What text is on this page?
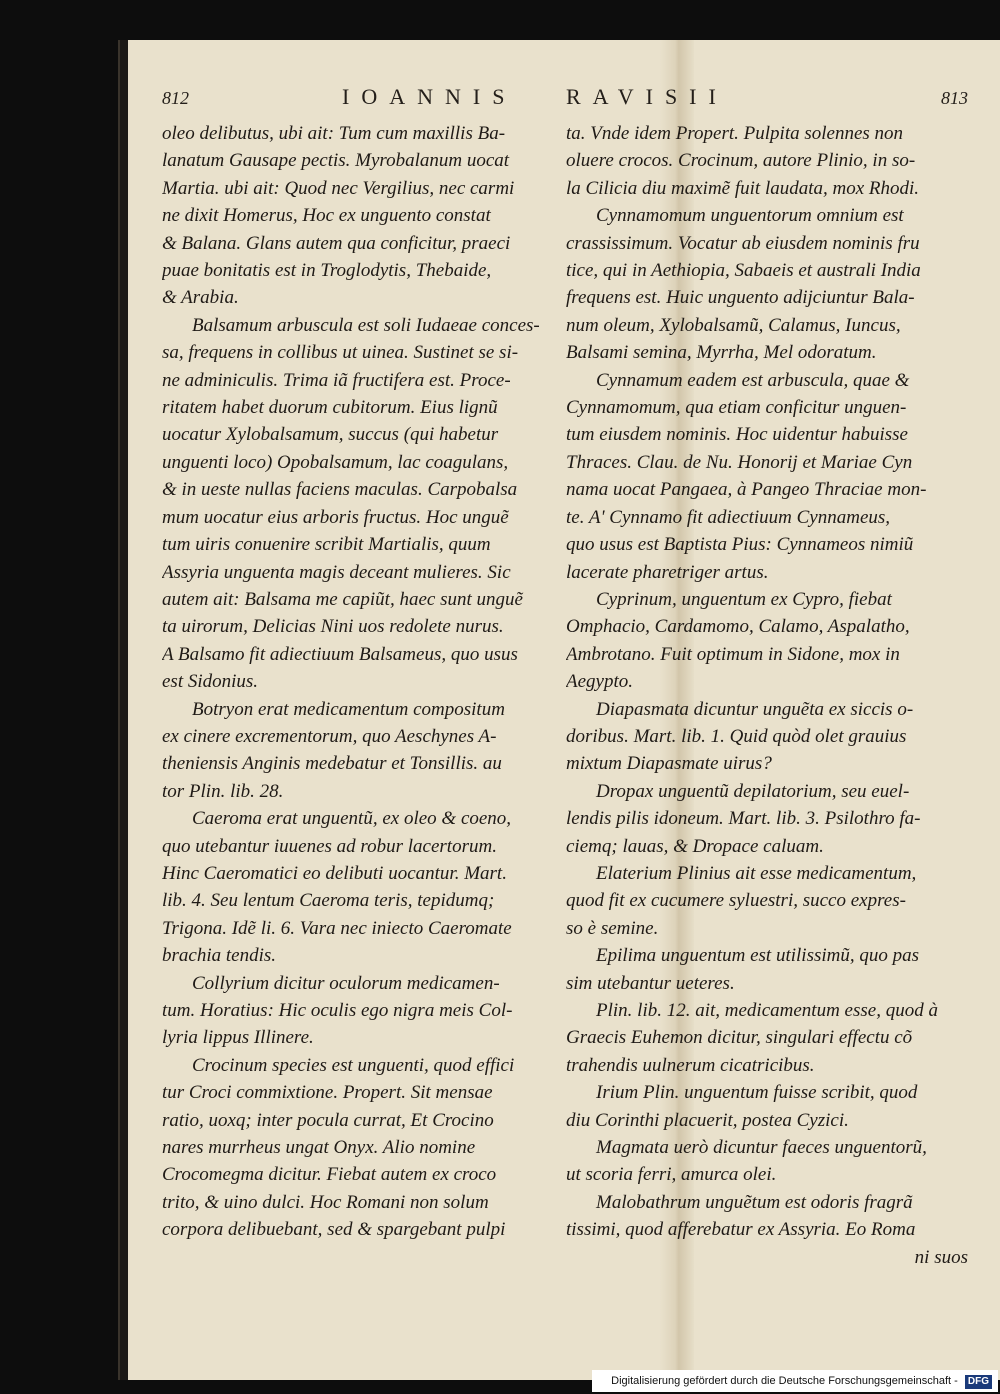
812	IOANNIS
oleo delibutus, ubi ait: Tum cum maxillis Ba-
lanatum Gausape pectis. Myrobalanum uocat
Martia. ubi ait: Quod nec Vergilius, nec carmi
ne dixit Homerus, Hoc ex unguento constat
& Balana. Glans autem qua conficitur, praeci
puae bonitatis est in Troglodytis, Thebaide,
& Arabia.
Balsamum arbuscula est soli Iudaeae conces-
sa, frequens in collibus ut uinea. Sustinet se si-
ne adminiculis. Trima iã fructifera est. Proce-
ritatem habet duorum cubitorum. Eius lignũ
uocatur Xylobalsamum, succus (qui habetur
unguenti loco) Opobalsamum, lac coagulans,
& in ueste nullas faciens maculas. Carpobalsa
mum uocatur eius arboris fructus. Hoc unguẽ
tum uiris conuenire scribit Martialis, quum
Assyria unguenta magis deceant mulieres. Sic
autem ait: Balsama me capiũt, haec sunt unguẽ
ta uirorum, Delicias Nini uos redolete nurus.
A Balsamo fit adiectiuum Balsameus, quo usus
est Sidonius.
Botryon erat medicamentum compositum
ex cinere excrementorum, quo Aeschynes A-
theniensis Anginis medebatur et Tonsillis. au
tor Plin. lib. 28.
Caeroma erat unguentũ, ex oleo & coeno,
quo utebantur iuuenes ad robur lacertorum.
Hinc Caeromatici eo delibuti uocantur. Mart.
lib. 4. Seu lentum Caeroma teris, tepidumq;
Trigona. Idẽ li. 6. Vara nec iniecto Caeromate
brachia tendis.
Collyrium dicitur oculorum medicamen-
tum. Horatius: Hic oculis ego nigra meis Col-
lyria lippus Illinere.
Crocinum species est unguenti, quod effici
tur Croci commixtione. Propert. Sit mensae
ratio, uoxq; inter pocula currat, Et Crocino
nares murrheus ungat Onyx. Alio nomine
Crocomegma dicitur. Fiebat autem ex croco
trito, & uino dulci. Hoc Romani non solum
corpora delibuebant, sed & spargebant pulpi
RAVISII	813
ta. Vnde idem Propert. Pulpita solennes non
oluere crocos. Crocinum, autore Plinio, in so-
la Cilicia diu maximẽ fuit laudata, mox Rhodi.
Cynnamomum unguentorum omnium est
crassissimum. Vocatur ab eiusdem nominis fru
tice, qui in Aethiopia, Sabaeis et australi India
frequens est. Huic unguento adijciuntur Bala-
num oleum, Xylobalsamũ, Calamus, Iuncus,
Balsami semina, Myrrha, Mel odoratum.
Cynnamum eadem est arbuscula, quae &
Cynnamomum, qua etiam conficitur unguen-
tum eiusdem nominis. Hoc uidentur habuisse
Thraces. Clau. de Nu. Honorij et Mariae Cyn
nama uocat Pangaea, à Pangeo Thraciae mon-
te. A' Cynnamo fit adiectiuum Cynnameus,
quo usus est Baptista Pius: Cynnameos nimiũ
lacerate pharetriger artus.
Cyprinum, unguentum ex Cypro, fiebat
Omphacio, Cardamomo, Calamo, Aspalatho,
Ambrotano. Fuit optimum in Sidone, mox in
Aegypto.
Diapasmata dicuntur unguẽta ex siccis o-
doribus. Mart. lib. 1. Quid quòd olet grauius
mixtum Diapasmate uirus?
Dropax unguentũ depilatorium, seu euel-
lendis pilis idoneum. Mart. lib. 3. Psilothro fa-
ciemq; lauas, & Dropace caluam.
Elaterium Plinius ait esse medicamentum,
quod fit ex cucumere syluestri, succo expres-
so è semine.
Epilima unguentum est utilissimũ, quo pas
sim utebantur ueteres.
Plin. lib. 12. ait, medicamentum esse, quod à
Graecis Euhemon dicitur, singulari effectu cõ
trahendis uulnerum cicatricibus.
Irium Plin. unguentum fuisse scribit, quod
diu Corinthi placuerit, postea Cyzici.
Magmata uerò dicuntur faeces unguentorũ,
ut scoria ferri, amurca olei.
Malobathrum unguẽtum est odoris fragrã
tissimi, quod afferebatur ex Assyria. Eo Roma
ni suos
Digitalisierung gefördert durch die Deutsche Forschungsgemeinschaft - DFG
